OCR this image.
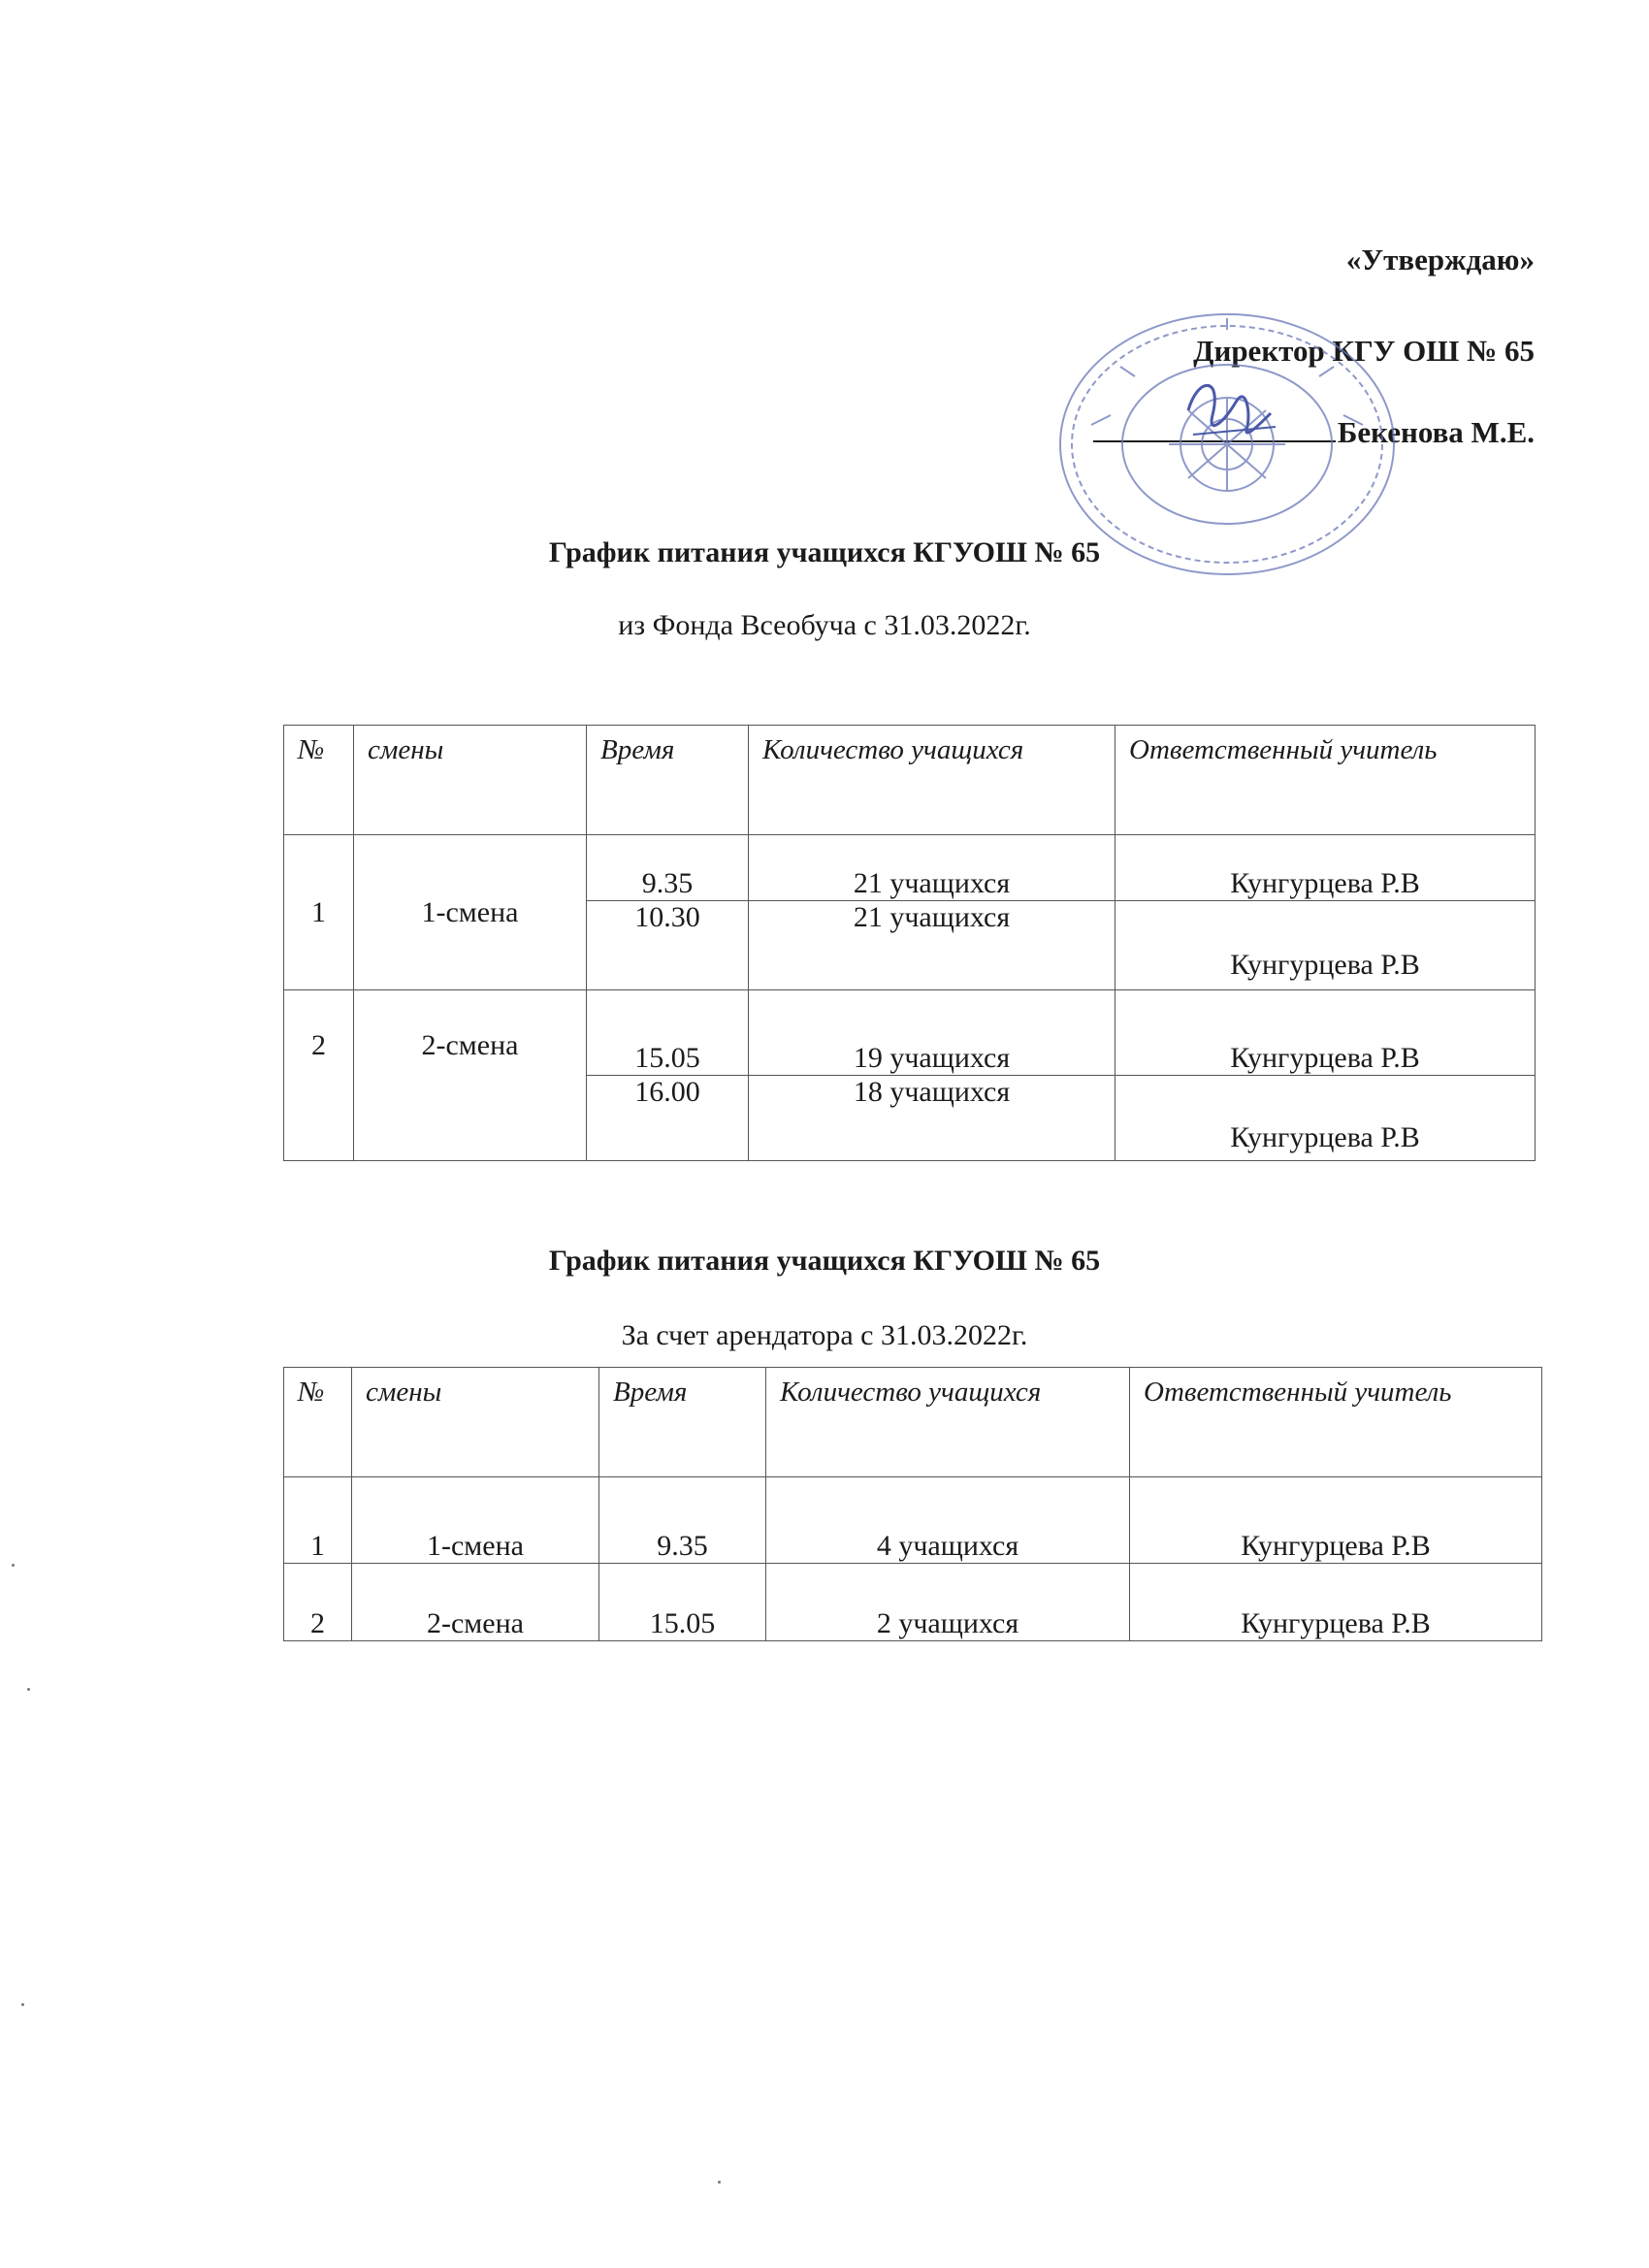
«Утверждаю»
Директор КГУ ОШ № 65
Бекенова М.Е.
График питания учащихся КГУОШ № 65
из Фонда Всеобуча с 31.03.2022г.
№	смены	Время	Количество учащихся	Ответственный учитель
1	1-смена	9.35	21 учащихся	Кунгурцева Р.В
		10.30	21 учащихся	Кунгурцева Р.В
2	2-смена	15.05	19 учащихся	Кунгурцева Р.В
		16.00	18 учащихся	Кунгурцева Р.В
График питания учащихся КГУОШ № 65
За счет арендатора с 31.03.2022г.
№	смены	Время	Количество учащихся	Ответственный учитель
1	1-смена	9.35	4 учащихся	Кунгурцева Р.В
2	2-смена	15.05	2 учащихся	Кунгурцева Р.В
